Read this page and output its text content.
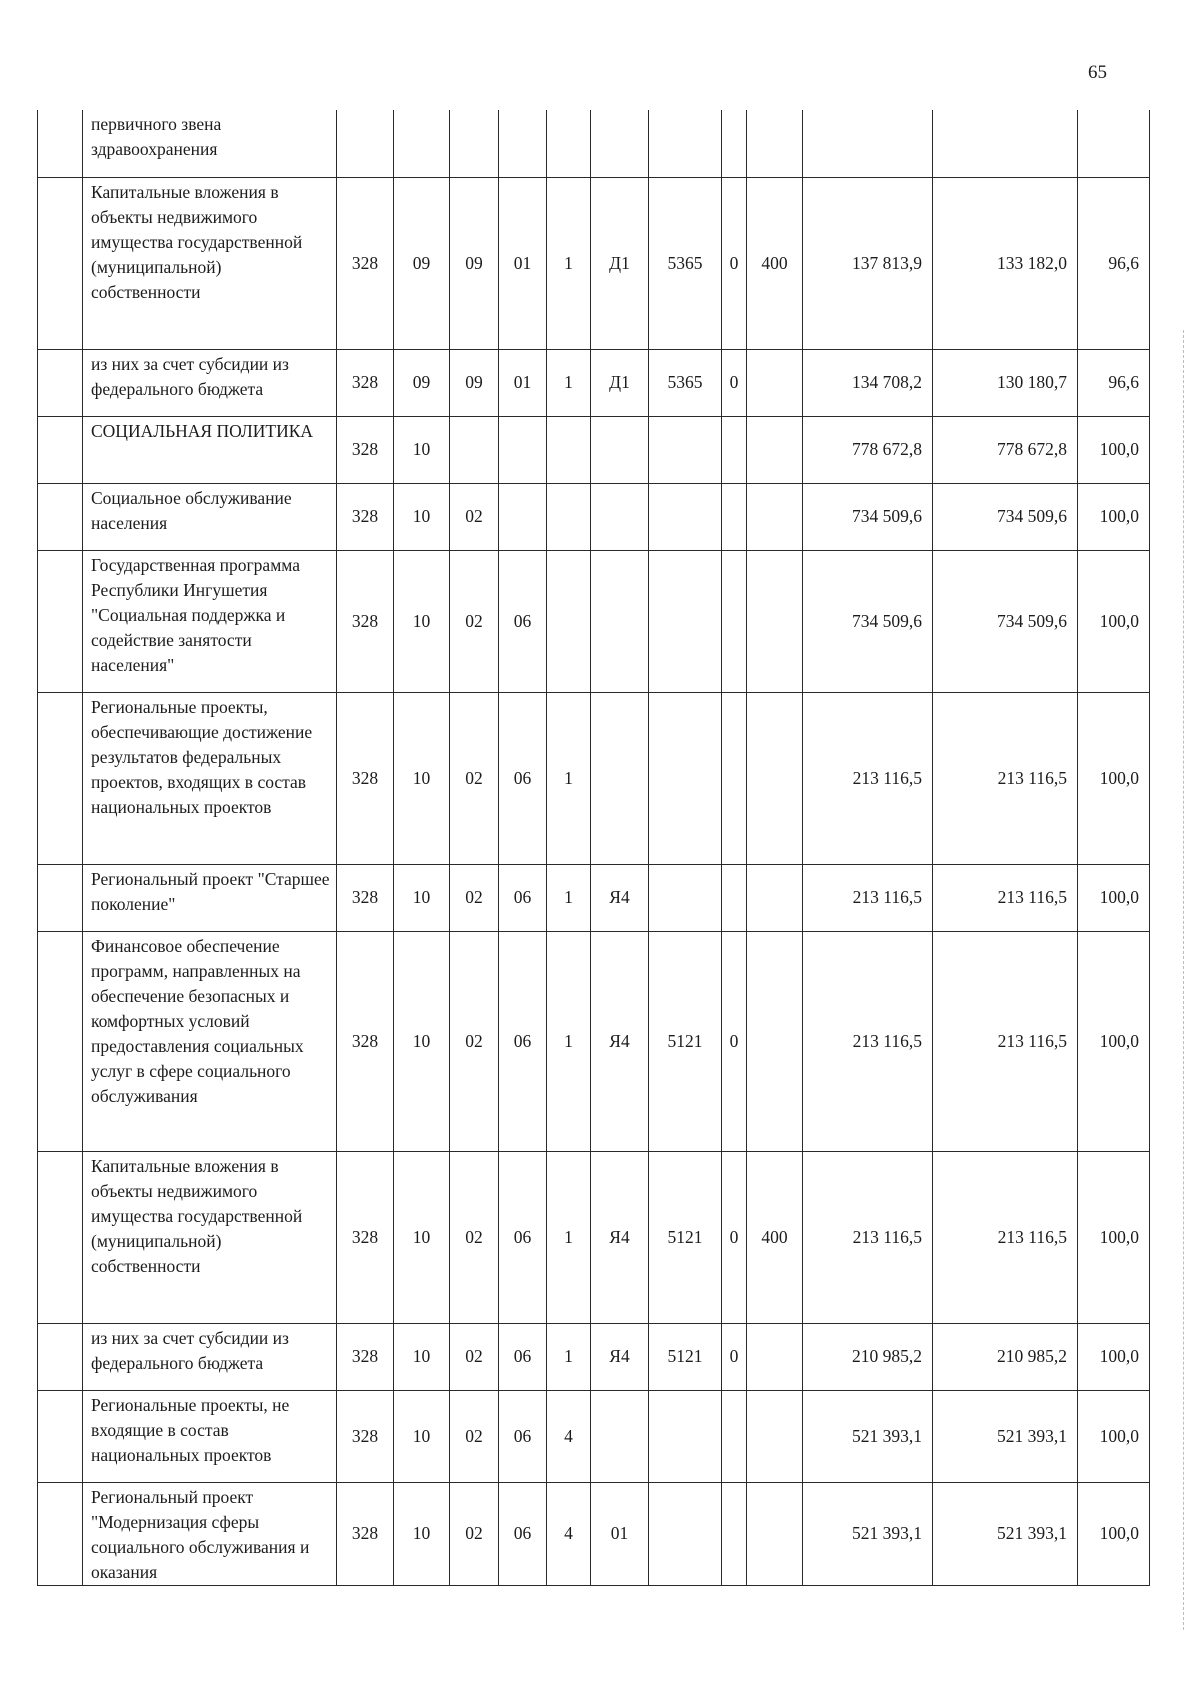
65
	первичного звена здравоохранения												
	Капитальные вложения в объекты недвижимого имущества государственной (муниципальной) собственности	328	09	09	01	1	Д1	5365	0	400	137 813,9	133 182,0	96,6
	из них за счет субсидии из федерального бюджета	328	09	09	01	1	Д1	5365	0		134 708,2	130 180,7	96,6
	СОЦИАЛЬНАЯ ПОЛИТИКА	328	10								778 672,8	778 672,8	100,0
	Социальное обслуживание населения	328	10	02							734 509,6	734 509,6	100,0
	Государственная программа Республики Ингушетия "Социальная поддержка и содействие занятости населения"	328	10	02	06						734 509,6	734 509,6	100,0
	Региональные проекты, обеспечивающие достижение результатов федеральных проектов, входящих в состав национальных проектов	328	10	02	06	1					213 116,5	213 116,5	100,0
	Региональный проект "Старшее поколение"	328	10	02	06	1	Я4				213 116,5	213 116,5	100,0
	Финансовое обеспечение программ, направленных на обеспечение безопасных и комфортных условий предоставления социальных услуг в сфере социального обслуживания	328	10	02	06	1	Я4	5121	0		213 116,5	213 116,5	100,0
	Капитальные вложения в объекты недвижимого имущества государственной (муниципальной) собственности	328	10	02	06	1	Я4	5121	0	400	213 116,5	213 116,5	100,0
	из них за счет субсидии из федерального бюджета	328	10	02	06	1	Я4	5121	0		210 985,2	210 985,2	100,0
	Региональные проекты, не входящие в состав национальных проектов	328	10	02	06	4					521 393,1	521 393,1	100,0
	Региональный проект "Модернизация сферы социального обслуживания и оказания	328	10	02	06	4	01				521 393,1	521 393,1	100,0
